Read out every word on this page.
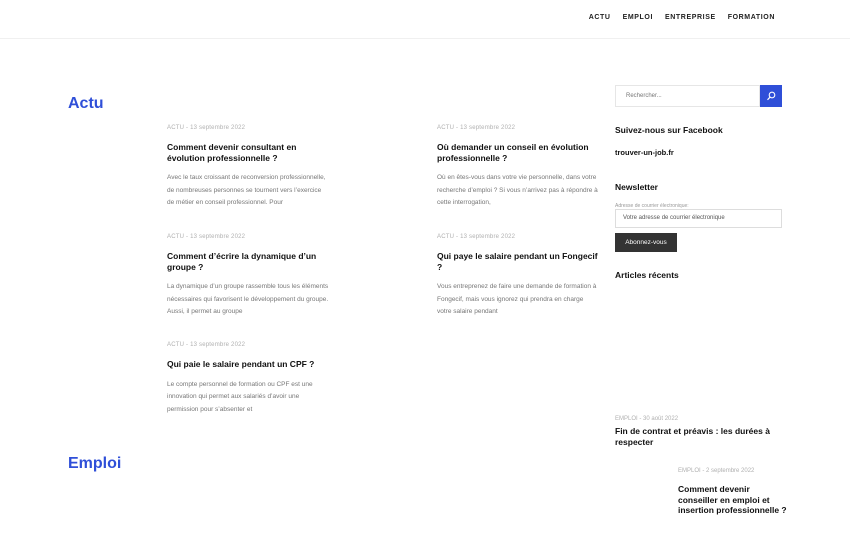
ACTU EMPLOI ENTREPRISE FORMATION
Actu
ACTU - 13 septembre 2022
Comment devenir consultant en évolution professionnelle ?
Avec le taux croissant de reconversion professionnelle, de nombreuses personnes se tournent vers l’exercice de métier en conseil professionnel. Pour
ACTU - 13 septembre 2022
Où demander un conseil en évolution professionnelle ?
Où en êtes-vous dans votre vie personnelle, dans votre recherche d’emploi ? Si vous n’arrivez pas à répondre à cette interrogation,
ACTU - 13 septembre 2022
Comment d’écrire la dynamique d’un groupe ?
La dynamique d’un groupe rassemble tous les éléments nécessaires qui favorisent le développement du groupe. Aussi, il permet au groupe
ACTU - 13 septembre 2022
Qui paye le salaire pendant un Fongecif ?
Vous entreprenez de faire une demande de formation à Fongecif, mais vous ignorez qui prendra en charge votre salaire pendant
ACTU - 13 septembre 2022
Qui paie le salaire pendant un CPF ?
Le compte personnel de formation ou CPF est une innovation qui permet aux salariés d’avoir une permission pour s’absenter et
Emploi	EMPLOI - 2 septembre 2022
Comment devenir conseiller en emploi et insertion professionnelle ?
Rechercher...
Suivez-nous sur Facebook
trouver-un-job.fr
Newsletter
Adresse de courrier électronique:
Votre adresse de courrier électronique
Abonnez-vous
Articles récents
EMPLOI - 30 août 2022
Fin de contrat et préavis : les durées à respecter
